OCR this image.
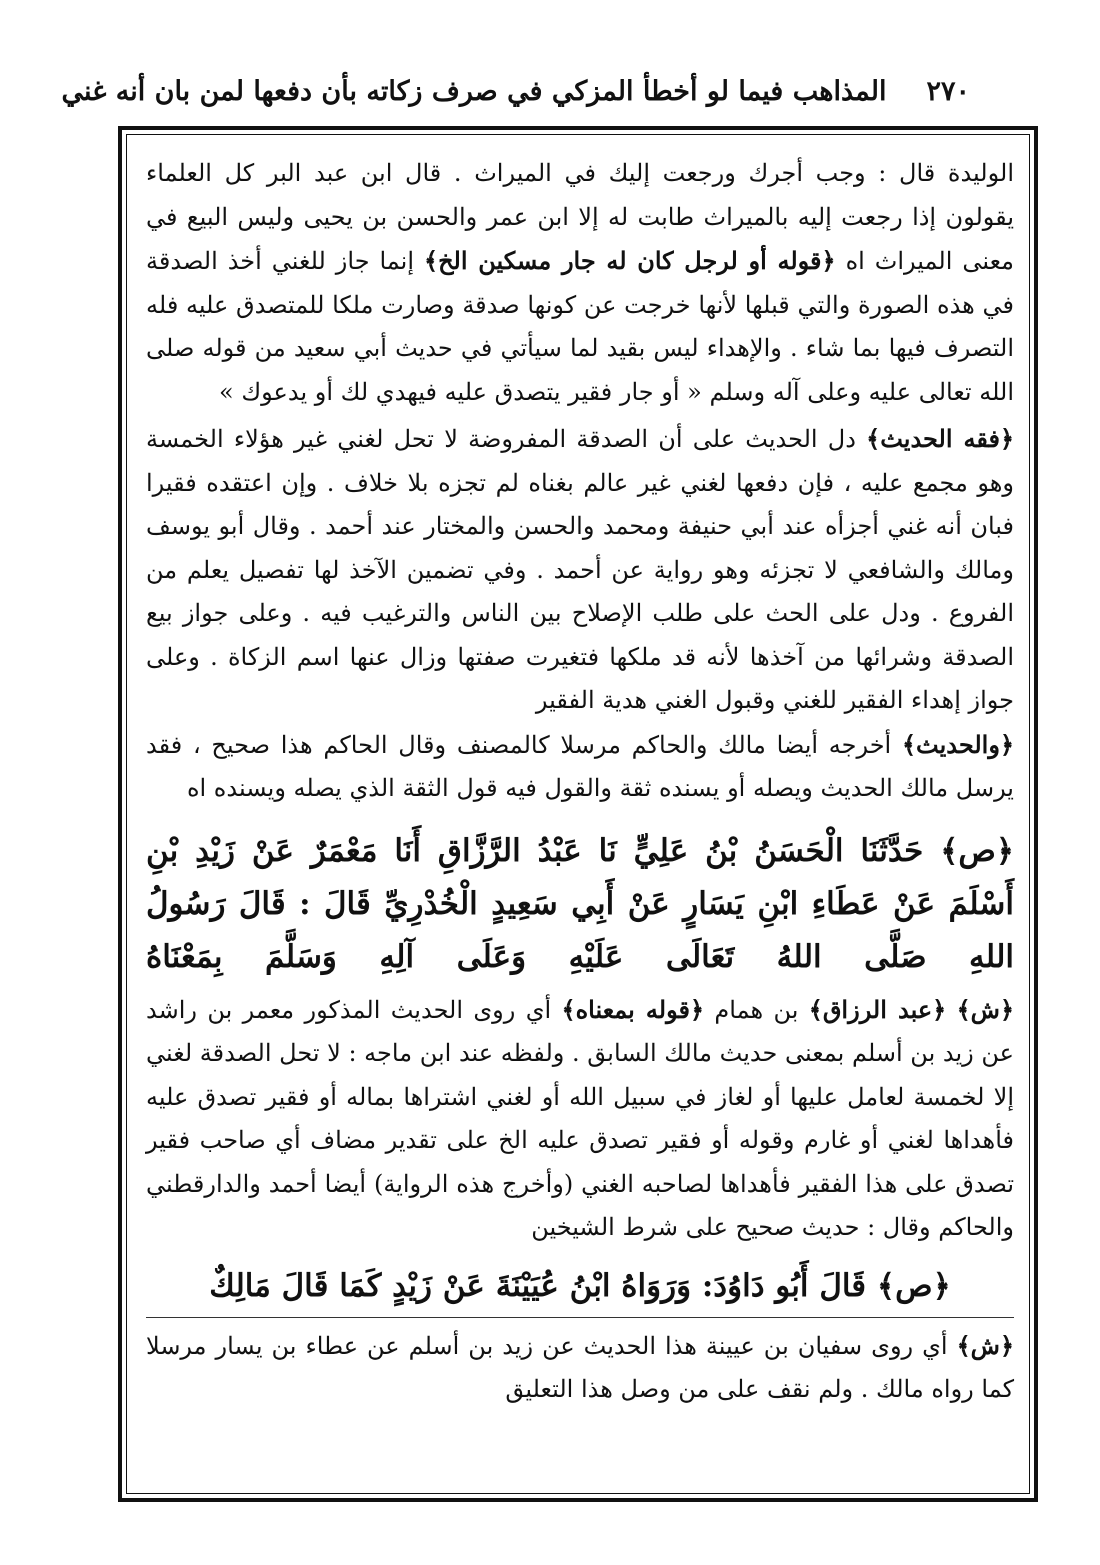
٢٧٠
المذاهب فيما لو أخطأ المزكي في صرف زكاته بأن دفعها لمن بان أنه غني

الوليدة قال : وجب أجرك ورجعت إليك في الميراث . قال ابن عبد البر كل العلماء يقولون إذا رجعت إليه بالميراث طابت له إلا ابن عمر والحسن بن يحيى وليس البيع في معنى الميراث اه ﴿قوله أو لرجل كان له جار مسكين الخ﴾ إنما جاز للغني أخذ الصدقة في هذه الصورة والتي قبلها لأنها خرجت عن كونها صدقة وصارت ملكا للمتصدق عليه فله التصرف فيها بما شاء . والإهداء ليس بقيد لما سيأتي في حديث أبي سعيد من قوله صلى الله تعالى عليه وعلى آله وسلم « أو جار فقير يتصدق عليه فيهدي لك أو يدعوك »

﴿فقه الحديث﴾ دل الحديث على أن الصدقة المفروضة لا تحل لغني غير هؤلاء الخمسة وهو مجمع عليه ، فإن دفعها لغني غير عالم بغناه لم تجزه بلا خلاف . وإن اعتقده فقيرا فبان أنه غني أجزأه عند أبي حنيفة ومحمد والحسن والمختار عند أحمد . وقال أبو يوسف ومالك والشافعي لا تجزئه وهو رواية عن أحمد . وفي تضمين الآخذ لها تفصيل يعلم من الفروع . ودل على الحث على طلب الإصلاح بين الناس والترغيب فيه . وعلى جواز بيع الصدقة وشرائها من آخذها لأنه قد ملكها فتغيرت صفتها وزال عنها اسم الزكاة . وعلى جواز إهداء الفقير للغني وقبول الغني هدية الفقير

﴿والحديث﴾ أخرجه أيضا مالك والحاكم مرسلا كالمصنف وقال الحاكم هذا صحيح ، فقد يرسل مالك الحديث ويصله أو يسنده ثقة والقول فيه قول الثقة الذي يصله ويسنده اه

﴿ص﴾ حَدَّثَنَا الْحَسَنُ بْنُ عَلِيٍّ نَا عَبْدُ الرَّزَّاقِ أَنَا مَعْمَرٌ عَنْ زَيْدِ بْنِ أَسْلَمَ عَنْ عَطَاءِ ابْنِ يَسَارٍ عَنْ أَبِي سَعِيدٍ الْخُدْرِيِّ قَالَ : قَالَ رَسُولُ اللهِ صَلَّى اللهُ تَعَالَى عَلَيْهِ وَعَلَى آلِهِ وَسَلَّمَ بِمَعْنَاهُ

﴿ش﴾ ﴿عبد الرزاق﴾ بن همام ﴿قوله بمعناه﴾ أي روى الحديث المذكور معمر بن راشد عن زيد بن أسلم بمعنى حديث مالك السابق . ولفظه عند ابن ماجه : لا تحل الصدقة لغني إلا لخمسة لعامل عليها أو لغاز في سبيل الله أو لغني اشتراها بماله أو فقير تصدق عليه فأهداها لغني أو غارم وقوله أو فقير تصدق عليه الخ على تقدير مضاف أي صاحب فقير تصدق على هذا الفقير فأهداها لصاحبه الغني (وأخرج هذه الرواية) أيضا أحمد والدارقطني والحاكم وقال : حديث صحيح على شرط الشيخين

﴿ص﴾ قَالَ أَبُو دَاوُدَ: وَرَوَاهُ ابْنُ عُيَيْنَةَ عَنْ زَيْدٍ كَمَا قَالَ مَالِكٌ

﴿ش﴾ أي روى سفيان بن عيينة هذا الحديث عن زيد بن أسلم عن عطاء بن يسار مرسلا كما رواه مالك . ولم نقف على من وصل هذا التعليق
